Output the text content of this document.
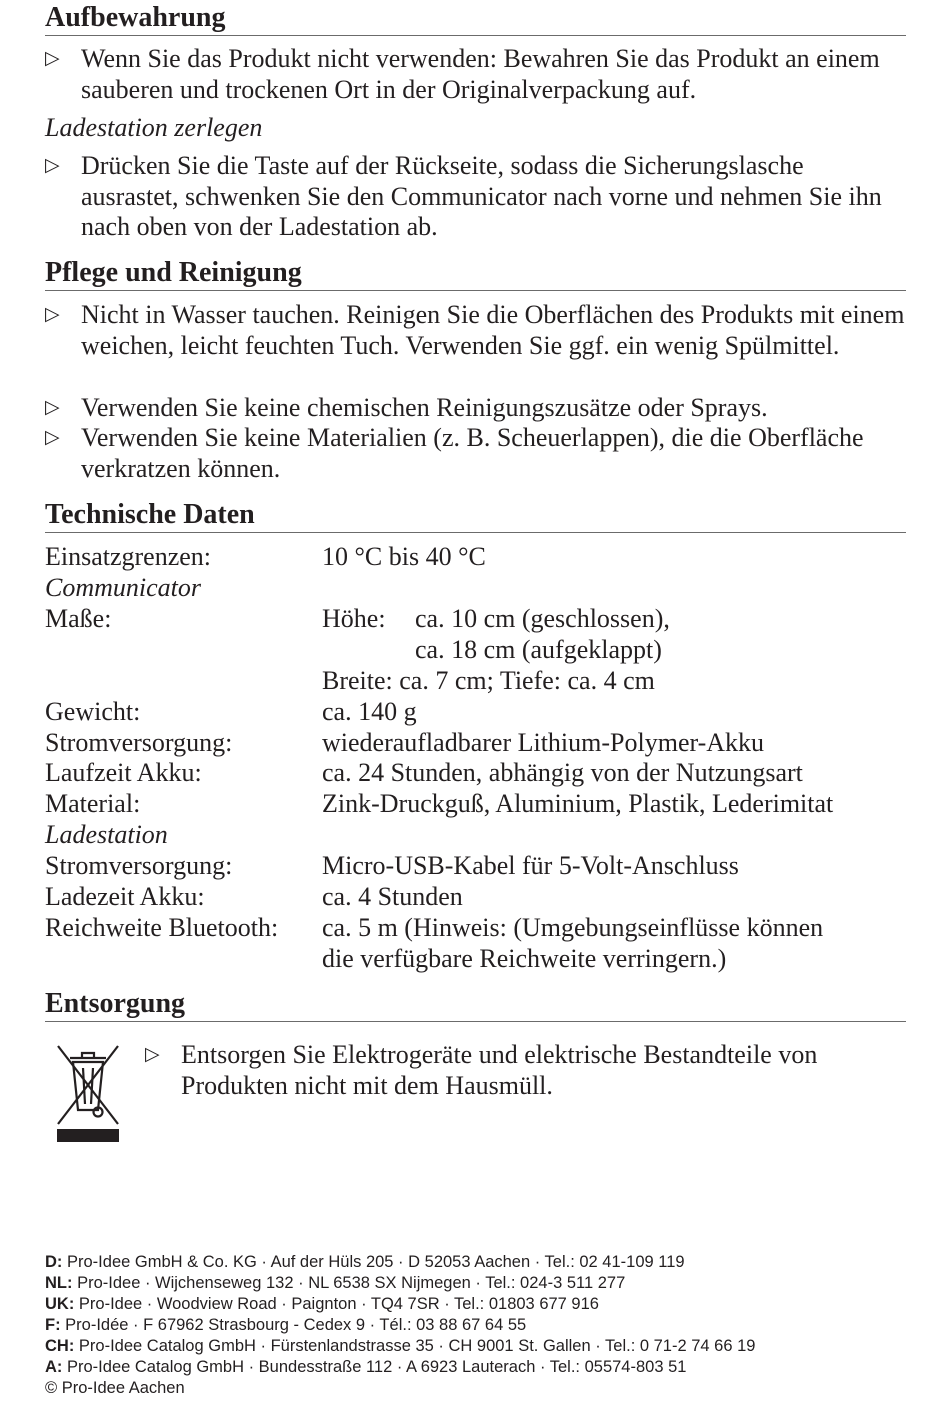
Aufbewahrung
▷ Wenn Sie das Produkt nicht verwenden: Bewahren Sie das Produkt an einem sauberen und trockenen Ort in der Originalverpackung auf.
Ladestation zerlegen
▷ Drücken Sie die Taste auf der Rückseite, sodass die Sicherungslasche ausrastet, schwenken Sie den Communicator nach vorne und nehmen Sie ihn nach oben von der Ladestation ab.
Pflege und Reinigung
▷ Nicht in Wasser tauchen. Reinigen Sie die Oberflächen des Produkts mit einem weichen, leicht feuchten Tuch. Verwenden Sie ggf. ein wenig Spülmittel.
▷ Verwenden Sie keine chemischen Reinigungszusätze oder Sprays.
▷ Verwenden Sie keine Materialien (z. B. Scheuerlappen), die die Oberfläche verkratzen können.
Technische Daten
Einsatzgrenzen:	10 °C bis 40 °C
Communicator
Maße:	Höhe: ca. 10 cm (geschlossen),
ca. 18 cm (aufgeklappt)
Breite: ca. 7 cm; Tiefe: ca. 4 cm
Gewicht:	ca. 140 g
Stromversorgung:	wiederaufladbarer Lithium-Polymer-Akku
Laufzeit Akku:	ca. 24 Stunden, abhängig von der Nutzungsart
Material:	Zink-Druckguß, Aluminium, Plastik, Lederimitat
Ladestation
Stromversorgung:	Micro-USB-Kabel für 5-Volt-Anschluss
Ladezeit Akku:	ca. 4 Stunden
Reichweite Bluetooth: ca. 5 m (Hinweis: (Umgebungseinflüsse können
die verfügbare Reichweite verringern.)
Entsorgung
▷ Entsorgen Sie Elektrogeräte und elektrische Bestandteile von Produkten nicht mit dem Hausmüll.
D: Pro-Idee GmbH & Co. KG · Auf der Hüls 205 · D 52053 Aachen · Tel.: 02 41-109 119
NL: Pro-Idee · Wijchenseweg 132 · NL 6538 SX Nijmegen · Tel.: 024-3 511 277
UK: Pro-Idee · Woodview Road · Paignton · TQ4 7SR · Tel.: 01803 677 916
F: Pro-Idée · F 67962 Strasbourg - Cedex 9 · Tél.: 03 88 67 64 55
CH: Pro-Idee Catalog GmbH · Fürstenlandstrasse 35 · CH 9001 St. Gallen · Tel.: 0 71-2 74 66 19
A: Pro-Idee Catalog GmbH · Bundesstraße 112 · A 6923 Lauterach · Tel.: 05574-803 51
© Pro-Idee Aachen
